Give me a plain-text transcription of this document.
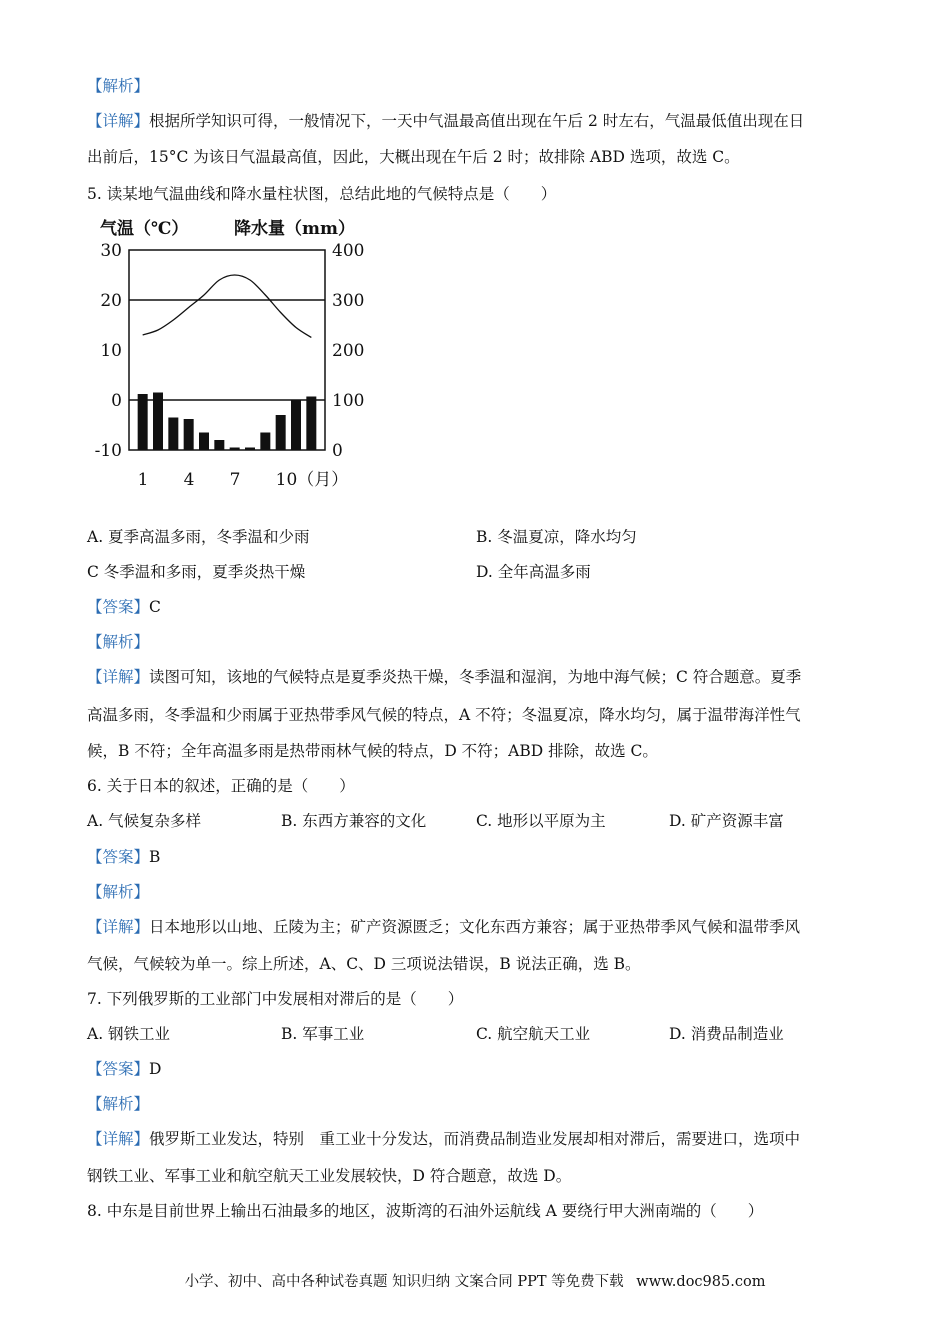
【解析】
【详解】根据所学知识可得，一般情况下，一天中气温最高值出现在午后 2 时左右，气温最低值出现在日
出前后，15°C 为该日气温最高值，因此，大概出现在午后 2 时；故排除 ABD 选项，故选 C。
5. 读某地气温曲线和降水量柱状图，总结此地的气候特点是（　　）
气温（℃）	降水量（mm）
30
20
10
0
-10
400
300
200
100
0
1 4 7 10（月）
A. 夏季高温多雨，冬季温和少雨	B. 冬温夏凉，降水均匀
C 冬季温和多雨，夏季炎热干燥	D. 全年高温多雨
【答案】C
【解析】
【详解】读图可知，该地的气候特点是夏季炎热干燥，冬季温和湿润，为地中海气候；C 符合题意。夏季
高温多雨，冬季温和少雨属于亚热带季风气候的特点，A 不符；冬温夏凉，降水均匀，属于温带海洋性气
候，B 不符；全年高温多雨是热带雨林气候的特点，D 不符；ABD 排除，故选 C。
6. 关于日本的叙述，正确的是（　　）
A. 气候复杂多样	B. 东西方兼容的文化	C. 地形以平原为主	D. 矿产资源丰富
【答案】B
【解析】
【详解】日本地形以山地、丘陵为主；矿产资源匮乏；文化东西方兼容；属于亚热带季风气候和温带季风
气候，气候较为单一。综上所述，A、C、D 三项说法错误，B 说法正确，选 B。
7. 下列俄罗斯的工业部门中发展相对滞后的是（　　）
A. 钢铁工业	B. 军事工业	C. 航空航天工业	D. 消费品制造业
【答案】D
【解析】
【详解】俄罗斯工业发达，特别　重工业十分发达，而消费品制造业发展却相对滞后，需要进口，选项中
钢铁工业、军事工业和航空航天工业发展较快，D 符合题意，故选 D。
8. 中东是目前世界上输出石油最多的地区，波斯湾的石油外运航线 A 要绕行甲大洲南端的（　　）
小学、初中、高中各种试卷真题 知识归纳 文案合同 PPT 等免费下载 www.doc985.com
